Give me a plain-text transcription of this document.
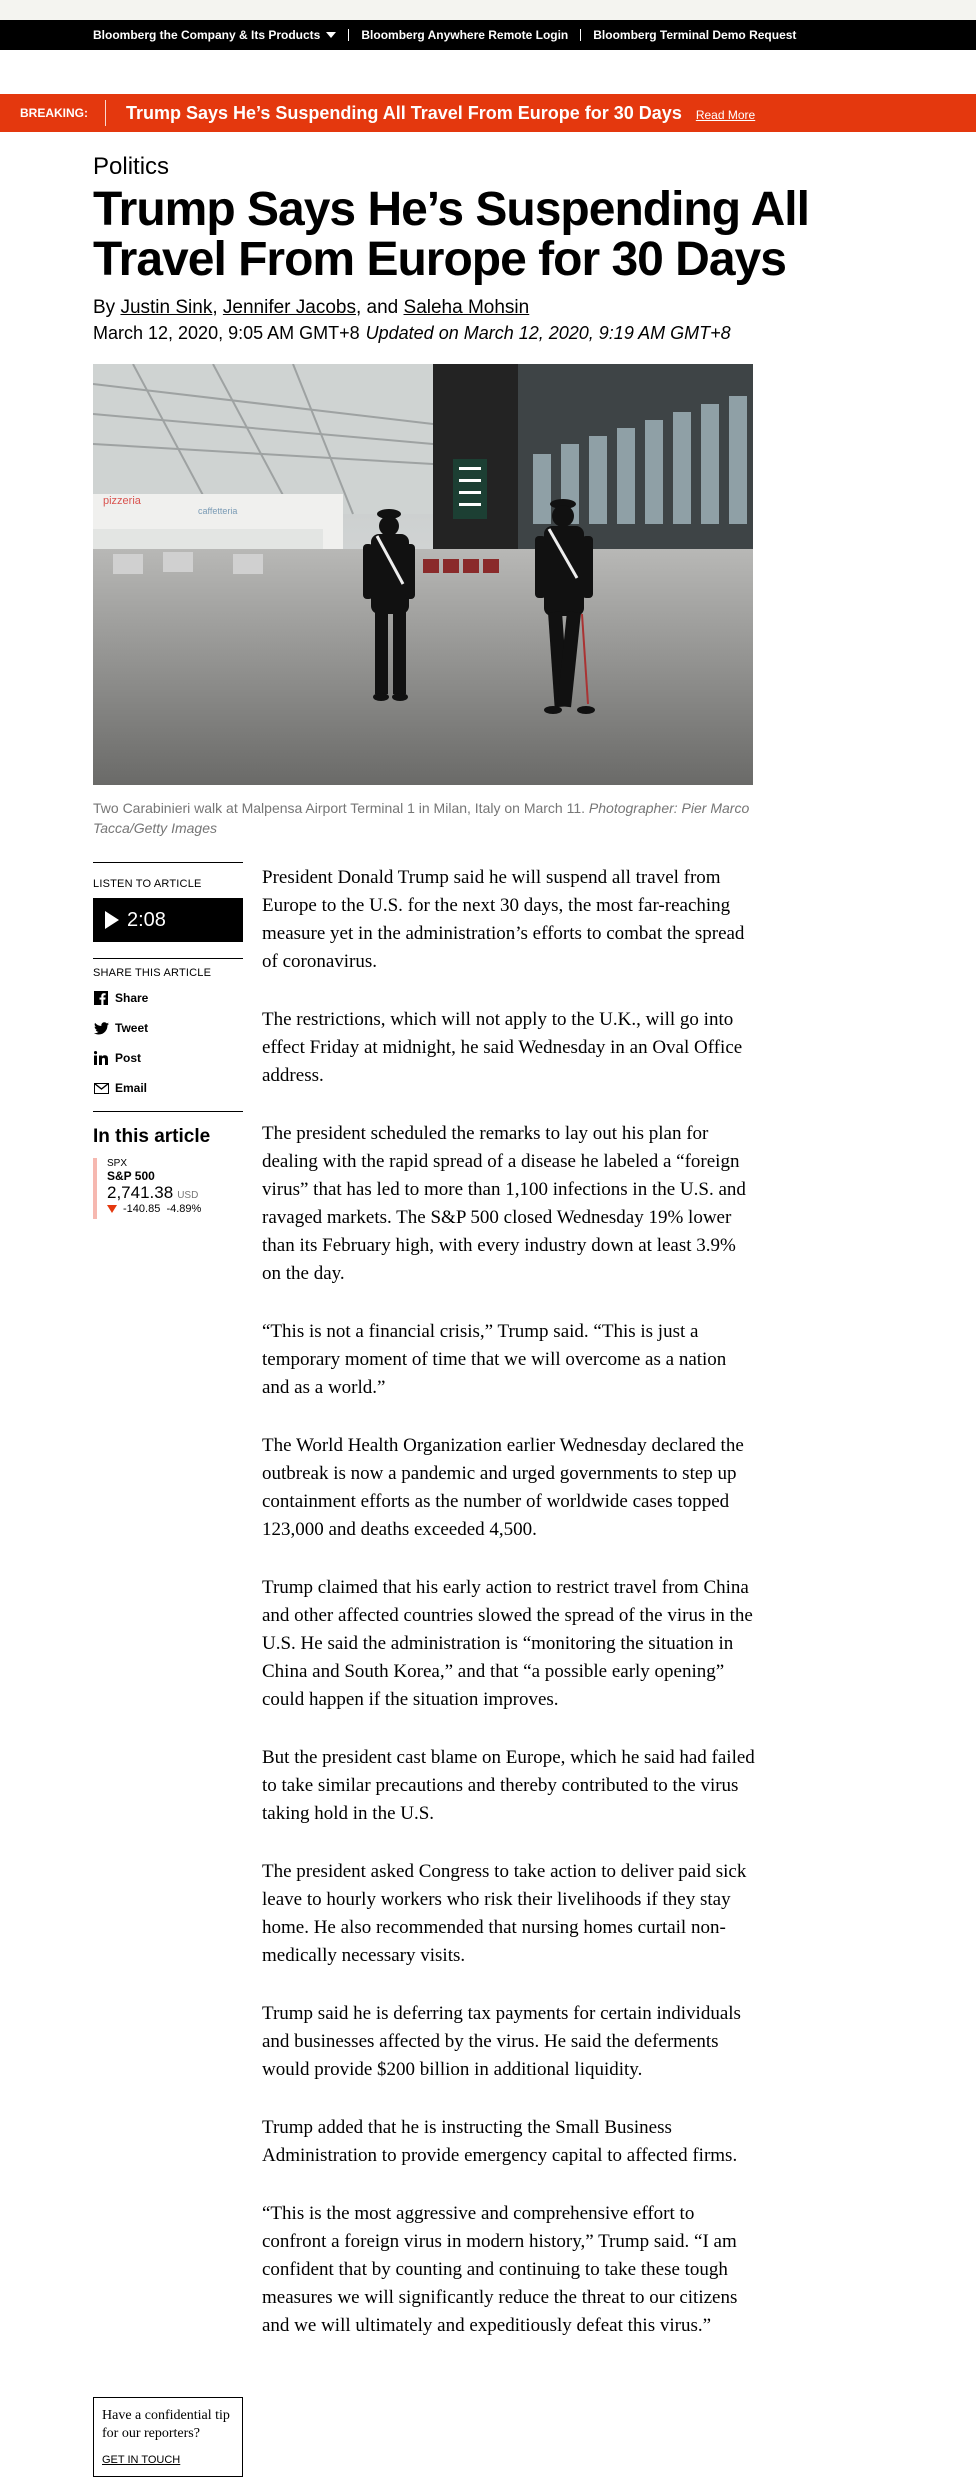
Bloomberg the Company & Its Products	Bloomberg Anywhere Remote Login Bloomberg Terminal Demo Request
BREAKING:	Trump Says He’s Suspending All Travel From Europe for 30 Days Read More
Politics
Trump Says He’s Suspending All Travel From Europe for 30 Days
By Justin Sink, Jennifer Jacobs, and Saleha Mohsin
March 12, 2020, 9:05 AM GMT+8 Updated on March 12, 2020, 9:19 AM GMT+8
pizzeria
caffetteria
Two Carabinieri walk at Malpensa Airport Terminal 1 in Milan, Italy on March 11. Photographer: Pier Marco Tacca/Getty Images
LISTEN TO ARTICLE
2:08
SHARE THIS ARTICLE
Share
Tweet
Post
Email
In this article
SPX
S&P 500
2,741.38 USD
-140.85
-4.89%

President Donald Trump said he will suspend all travel from Europe to the U.S. for the next 30 days, the most far-reaching measure yet in the administration’s efforts to combat the spread of coronavirus.

The restrictions, which will not apply to the U.K., will go into effect Friday at midnight, he said Wednesday in an Oval Office address.

The president scheduled the remarks to lay out his plan for dealing with the rapid spread of a disease he labeled a “foreign virus” that has led to more than 1,100 infections in the U.S. and ravaged markets. The S&P 500 closed Wednesday 19% lower than its February high, with every industry down at least 3.9% on the day.

“This is not a financial crisis,” Trump said. “This is just a temporary moment of time that we will overcome as a nation and as a world.”

The World Health Organization earlier Wednesday declared the outbreak is now a pandemic and urged governments to step up containment efforts as the number of worldwide cases topped 123,000 and deaths exceeded 4,500.

Trump claimed that his early action to restrict travel from China and other affected countries slowed the spread of the virus in the U.S. He said the administration is “monitoring the situation in China and South Korea,” and that “a possible early opening” could happen if the situation improves.

But the president cast blame on Europe, which he said had failed to take similar precautions and thereby contributed to the virus taking hold in the U.S.

The president asked Congress to take action to deliver paid sick leave to hourly workers who risk their livelihoods if they stay home. He also recommended that nursing homes curtail non-medically necessary visits.

Trump said he is deferring tax payments for certain individuals and businesses affected by the virus. He said the deferments would provide $200 billion in additional liquidity.

Trump added that he is instructing the Small Business Administration to provide emergency capital to affected firms.

“This is the most aggressive and comprehensive effort to confront a foreign virus in modern history,” Trump said. “I am confident that by counting and continuing to take these tough measures we will significantly reduce the threat to our citizens and we will ultimately and expeditiously defeat this virus.”

Have a confidential tip for our reporters?
GET IN TOUCH
